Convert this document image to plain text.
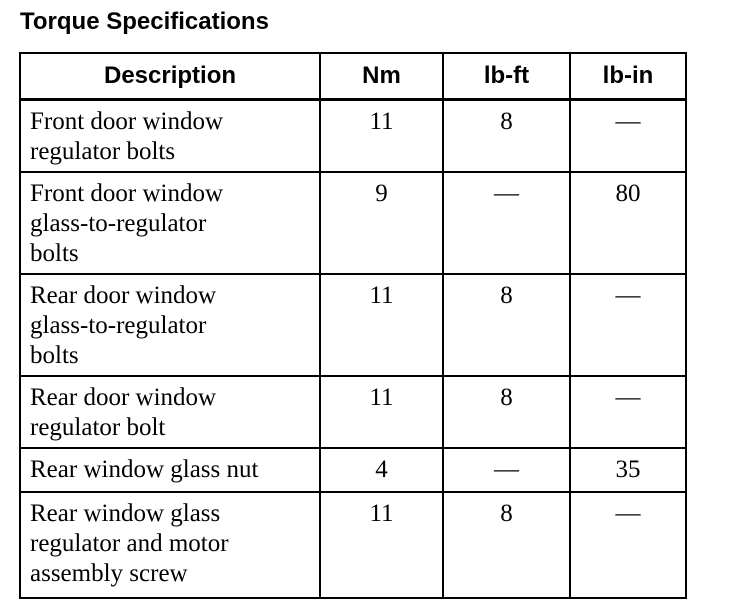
Torque Specifications
Description	Nm	lb-ft	lb-in
Front door window regulator bolts	11	8	—
Front door window glass-to-regulator bolts	9	—	80
Rear door window glass-to-regulator bolts	11	8	—
Rear door window regulator bolt	11	8	—
Rear window glass nut	4	—	35
Rear window glass regulator and motor assembly screw	11	8	—
